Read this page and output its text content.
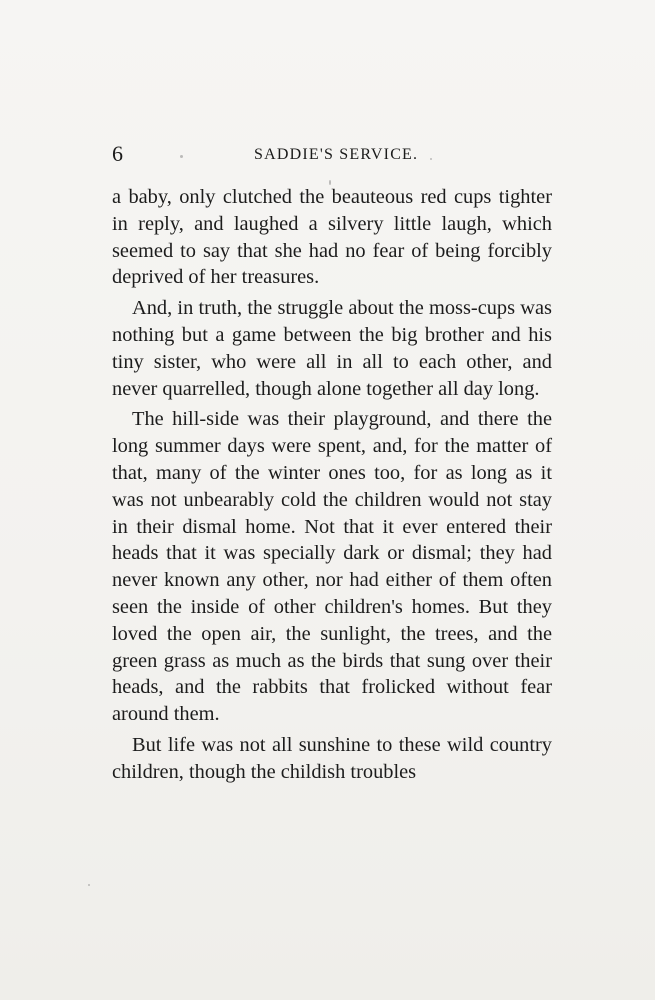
6	SADDIE'S SERVICE.

a baby, only clutched the beauteous red cups tighter in reply, and laughed a silvery little laugh, which seemed to say that she had no fear of being forcibly deprived of her treasures.

And, in truth, the struggle about the moss-cups was nothing but a game between the big brother and his tiny sister, who were all in all to each other, and never quarrelled, though alone together all day long.

The hill-side was their playground, and there the long summer days were spent, and, for the matter of that, many of the winter ones too, for as long as it was not unbearably cold the children would not stay in their dismal home. Not that it ever entered their heads that it was specially dark or dismal; they had never known any other, nor had either of them often seen the inside of other children's homes. But they loved the open air, the sunlight, the trees, and the green grass as much as the birds that sung over their heads, and the rabbits that frolicked without fear around them.

But life was not all sunshine to these wild country children, though the childish troubles
